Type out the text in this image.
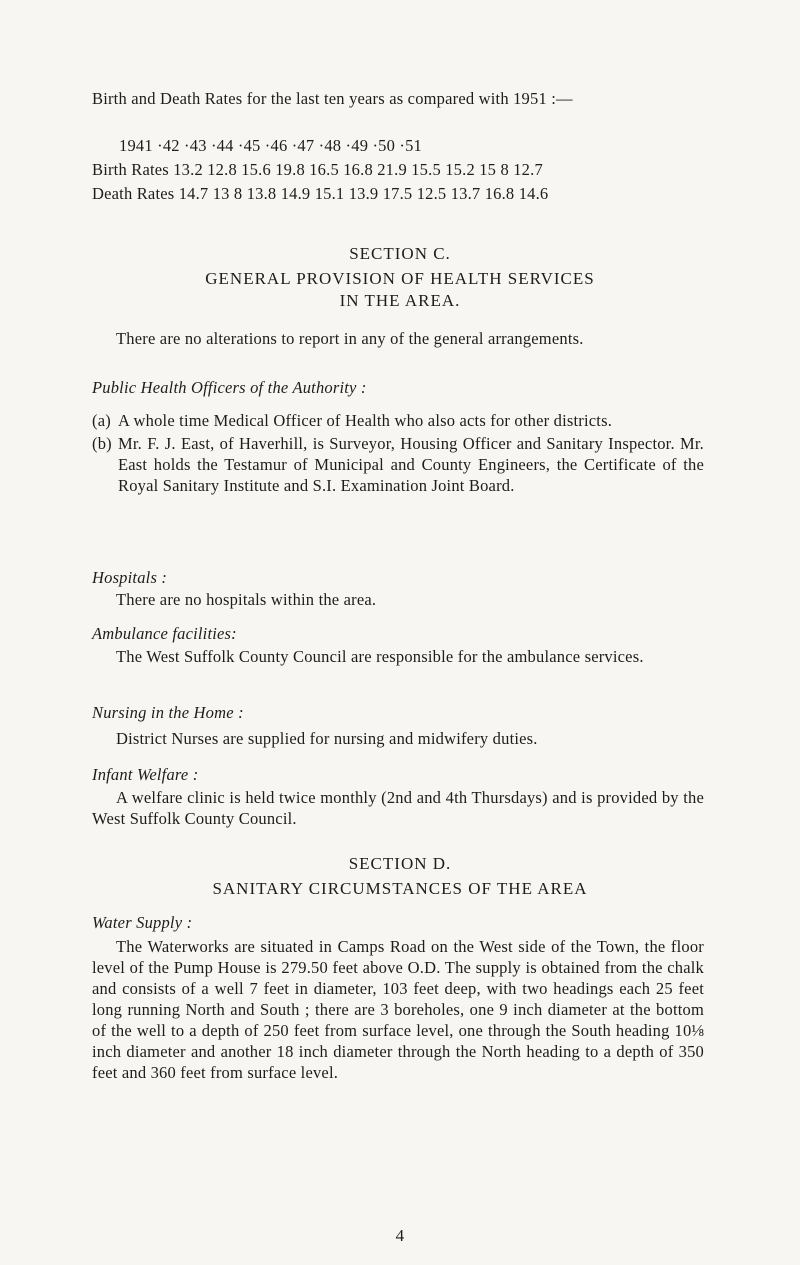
Birth and Death Rates for the last ten years as compared with 1951 :—
1941 ·42 ·43 ·44 ·45 ·46 ·47 ·48 ·49 ·50 ·51
Birth Rates 13.2 12.8 15.6 19.8 16.5 16.8 21.9 15.5 15.2 15 8 12.7
Death Rates 14.7 13 8 13.8 14.9 15.1 13.9 17.5 12.5 13.7 16.8 14.6
SECTION C.
GENERAL PROVISION OF HEALTH SERVICES
IN THE AREA.
There are no alterations to report in any of the general arrangements.
Public Health Officers of the Authority :
(a) A whole time Medical Officer of Health who also acts for other districts.
(b) Mr. F. J. East, of Haverhill, is Surveyor, Housing Officer and Sanitary Inspector. Mr. East holds the Testamur of Municipal and County Engineers, the Certificate of the Royal Sanitary Institute and S.I. Examination Joint Board.
Hospitals :
There are no hospitals within the area.
Ambulance facilities:
The West Suffolk County Council are responsible for the ambulance services.
Nursing in the Home :
District Nurses are supplied for nursing and midwifery duties.
Infant Welfare :
A welfare clinic is held twice monthly (2nd and 4th Thursdays) and is provided by the West Suffolk County Council.
SECTION D.
SANITARY CIRCUMSTANCES OF THE AREA
Water Supply :
The Waterworks are situated in Camps Road on the West side of the Town, the floor level of the Pump House is 279.50 feet above O.D. The supply is obtained from the chalk and consists of a well 7 feet in diameter, 103 feet deep, with two headings each 25 feet long running North and South ; there are 3 boreholes, one 9 inch diameter at the bottom of the well to a depth of 250 feet from surface level, one through the South heading 10⅛ inch diameter and another 18 inch diameter through the North heading to a depth of 350 feet and 360 feet from surface level.
4
